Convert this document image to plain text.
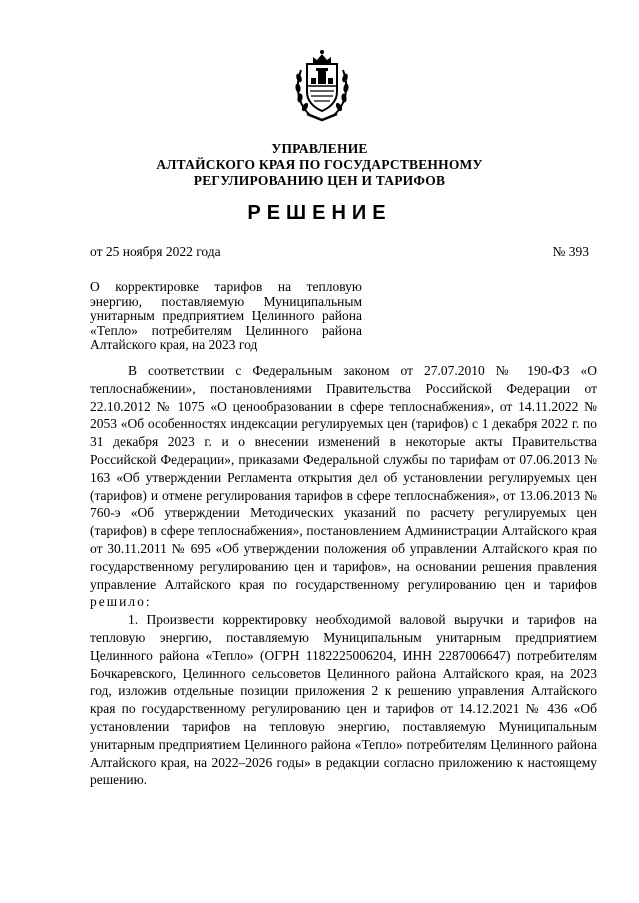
УПРАВЛЕНИЕ
АЛТАЙСКОГО КРАЯ ПО ГОСУДАРСТВЕННОМУ
РЕГУЛИРОВАНИЮ ЦЕН И ТАРИФОВ
РЕШЕНИЕ
от 25 ноября 2022 года	№ 393
О корректировке тарифов на тепловую энергию, поставляемую Муниципальным унитарным предприятием Целинного района «Тепло» потребителям Целинного района Алтайского края, на 2023 год

В соответствии с Федеральным законом от 27.07.2010 № 190-ФЗ «О теплоснабжении», постановлениями Правительства Российской Федерации от 22.10.2012 № 1075 «О ценообразовании в сфере теплоснабжения», от 14.11.2022 № 2053 «Об особенностях индексации регулируемых цен (тарифов) с 1 декабря 2022 г. по 31 декабря 2023 г. и о внесении изменений в некоторые акты Правительства Российской Федерации», приказами Федеральной службы по тарифам от 07.06.2013 № 163 «Об утверждении Регламента открытия дел об установлении регулируемых цен (тарифов) и отмене регулирования тарифов в сфере теплоснабжения», от 13.06.2013 № 760-э «Об утверждении Методических указаний по расчету регулируемых цен (тарифов) в сфере теплоснабжения», постановлением Администрации Алтайского края от 30.11.2011 № 695 «Об утверждении положения об управлении Алтайского края по государственному регулированию цен и тарифов», на основании решения правления управление Алтайского края по государственному регулированию цен и тарифов решило:

1. Произвести корректировку необходимой валовой выручки и тарифов на тепловую энергию, поставляемую Муниципальным унитарным предприятием Целинного района «Тепло» (ОГРН 1182225006204, ИНН 2287006647) потребителям Бочкаревского, Целинного сельсоветов Целинного района Алтайского края, на 2023 год, изложив отдельные позиции приложения 2 к решению управления Алтайского края по государственному регулированию цен и тарифов от 14.12.2021 № 436 «Об установлении тарифов на тепловую энергию, поставляемую Муниципальным унитарным предприятием Целинного района «Тепло» потребителям Целинного района Алтайского края, на 2022–2026 годы» в редакции согласно приложению к настоящему решению.
